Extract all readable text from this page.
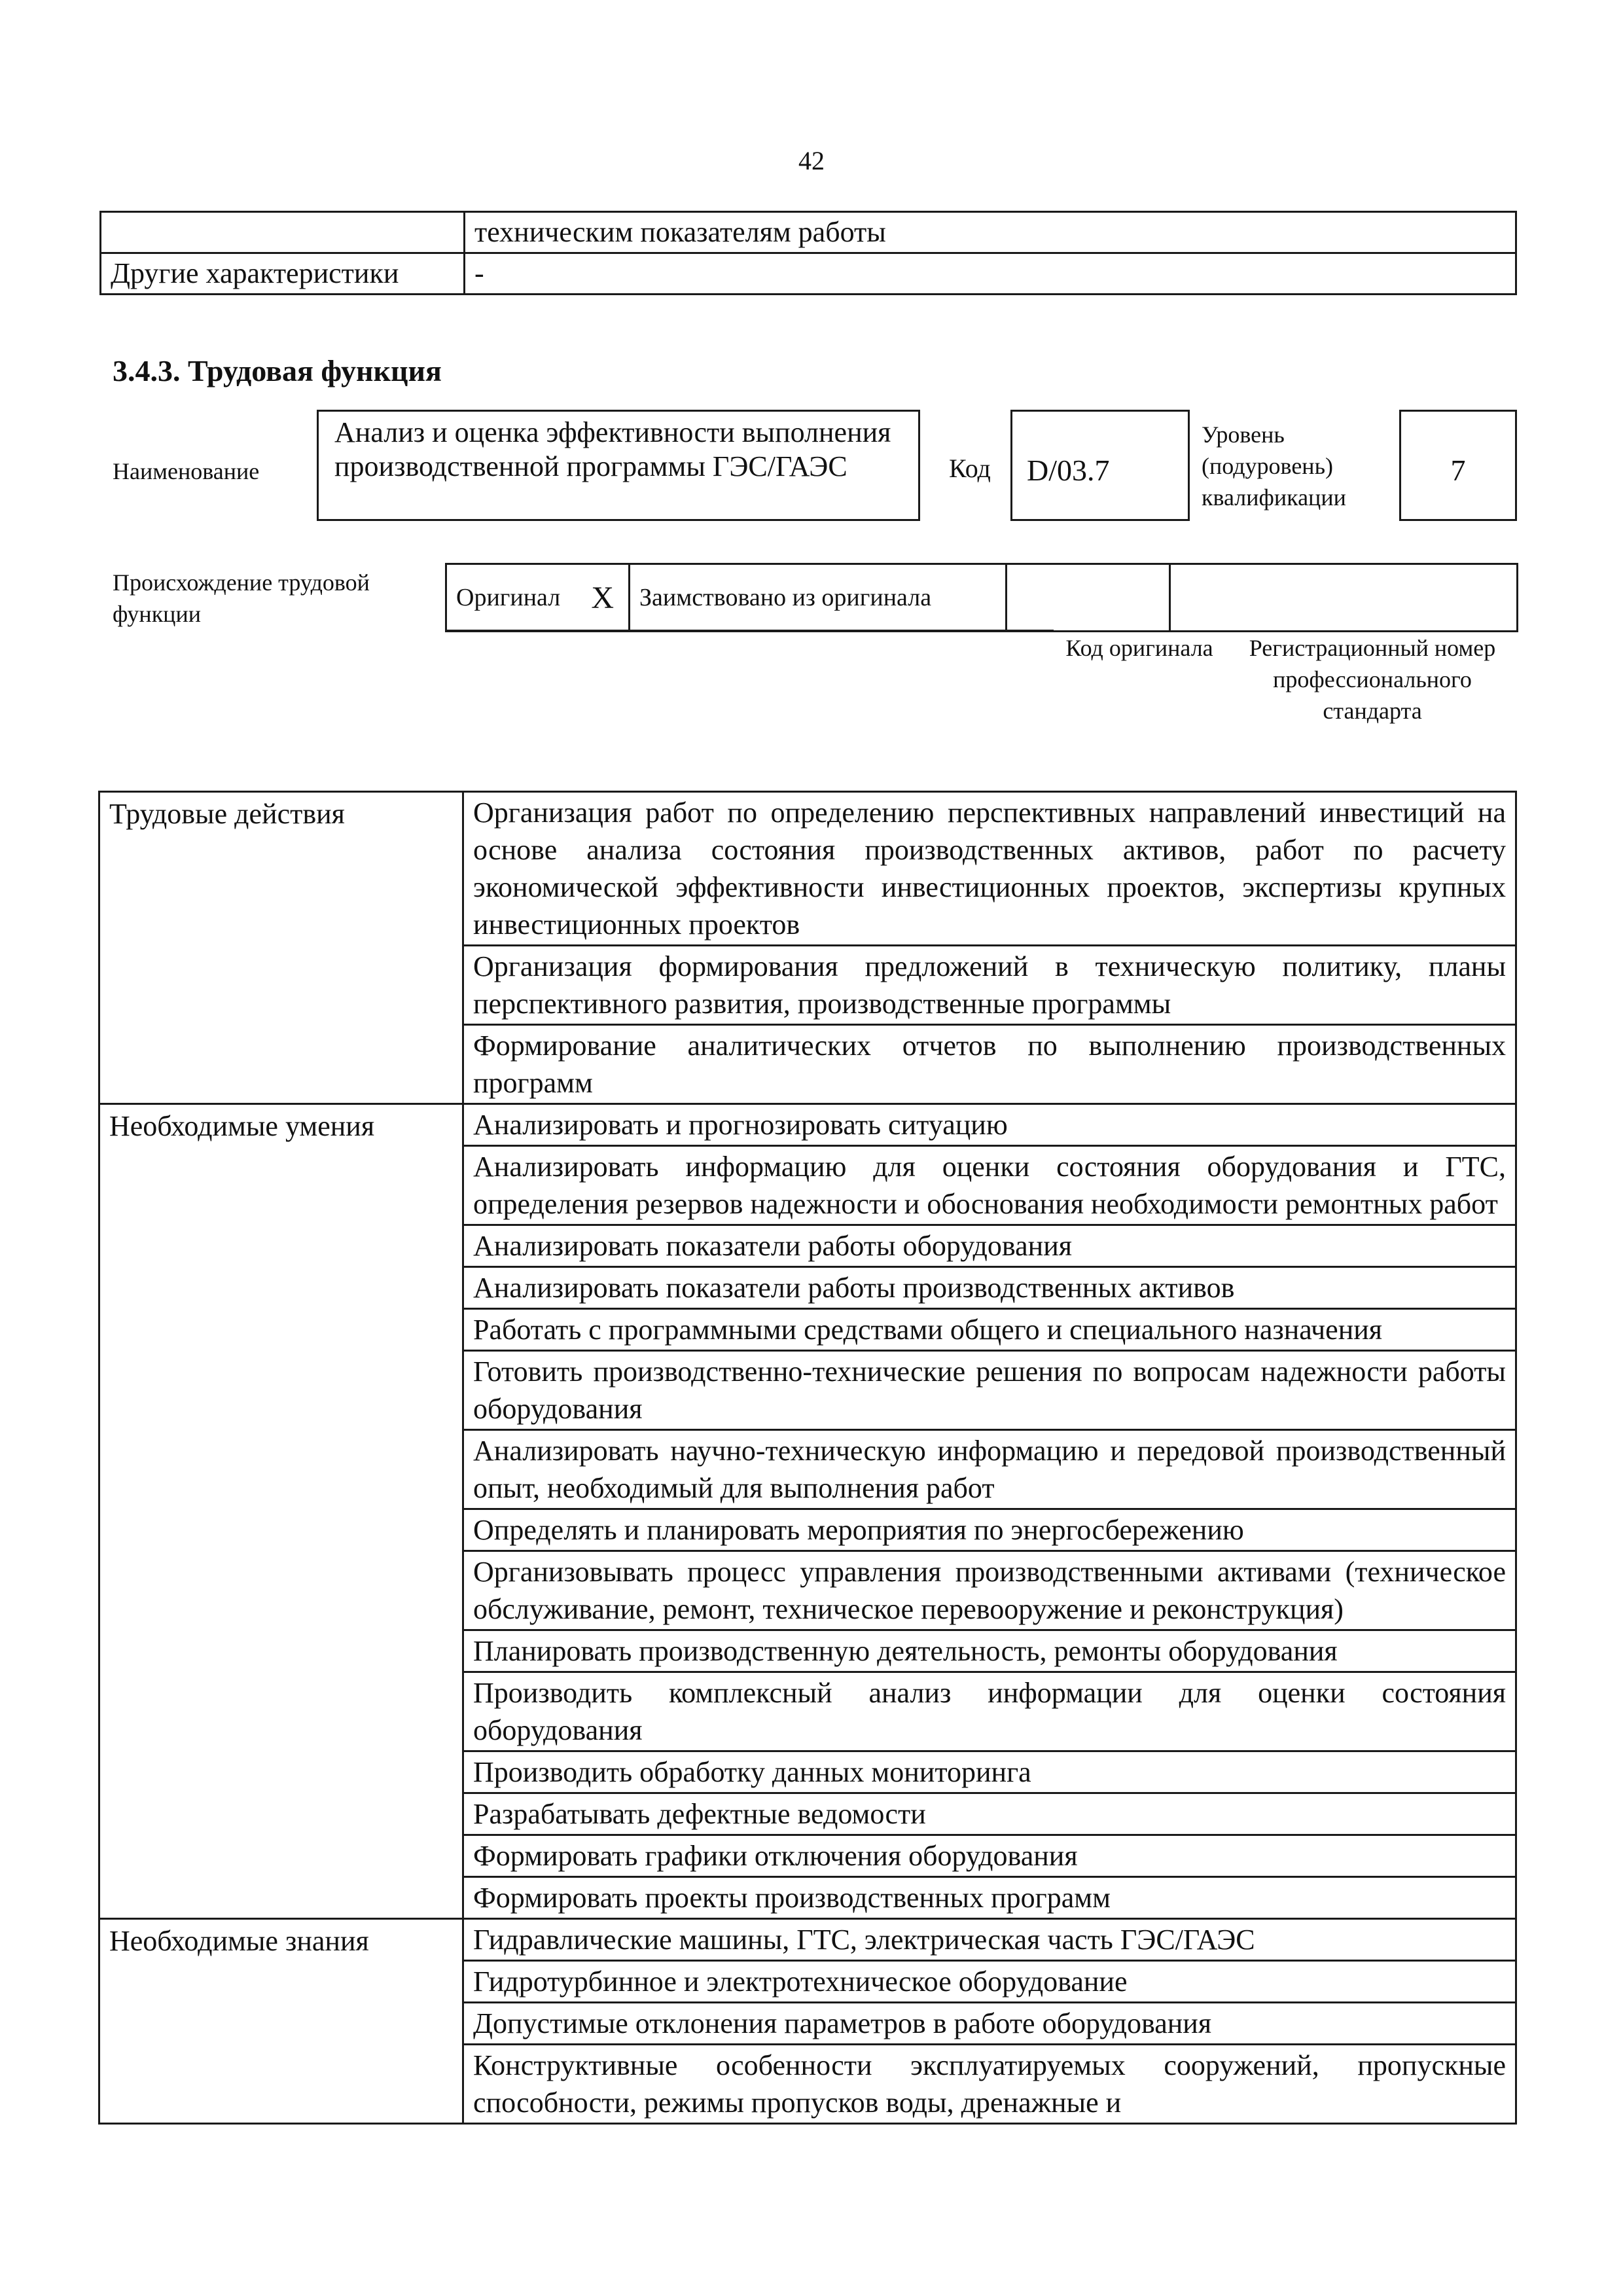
42
	техническим показателям работы
Другие характеристики	-
3.4.3. Трудовая функция
Наименование
Анализ и оценка эффективности выполнения производственной программы ГЭС/ГАЭС	Код	D/03.7
Уровень (подуровень) квалификации
7
Происхождение трудовой функции
Оригинал	X	Заимствовано из оригинала		
Код оригинала	Регистрационный номер профессионального стандарта
Трудовые действия	Организация работ по определению перспективных направлений инвестиций на основе анализа состояния производственных активов, работ по расчету экономической эффективности инвестиционных проектов, экспертизы крупных инвестиционных проектов
	Организация формирования предложений в техническую политику, планы перспективного развития, производственные программы
	Формирование аналитических отчетов по выполнению производственных программ
Необходимые умения	Анализировать и прогнозировать ситуацию
	Анализировать информацию для оценки состояния оборудования и ГТС, определения резервов надежности и обоснования необходимости ремонтных работ
	Анализировать показатели работы оборудования
	Анализировать показатели работы производственных активов
	Работать с программными средствами общего и специального назначения
	Готовить производственно-технические решения по вопросам надежности работы оборудования
	Анализировать научно-техническую информацию и передовой производственный опыт, необходимый для выполнения работ
	Определять и планировать мероприятия по энергосбережению
	Организовывать процесс управления производственными активами (техническое обслуживание, ремонт, техническое перевооружение и реконструкция)
	Планировать производственную деятельность, ремонты оборудования
	Производить комплексный анализ информации для оценки состояния оборудования
	Производить обработку данных мониторинга
	Разрабатывать дефектные ведомости
	Формировать графики отключения оборудования
	Формировать проекты производственных программ
Необходимые знания	Гидравлические машины, ГТС, электрическая часть ГЭС/ГАЭС
	Гидротурбинное и электротехническое оборудование
	Допустимые отклонения параметров в работе оборудования
	Конструктивные особенности эксплуатируемых сооружений, пропускные способности, режимы пропусков воды, дренажные и
